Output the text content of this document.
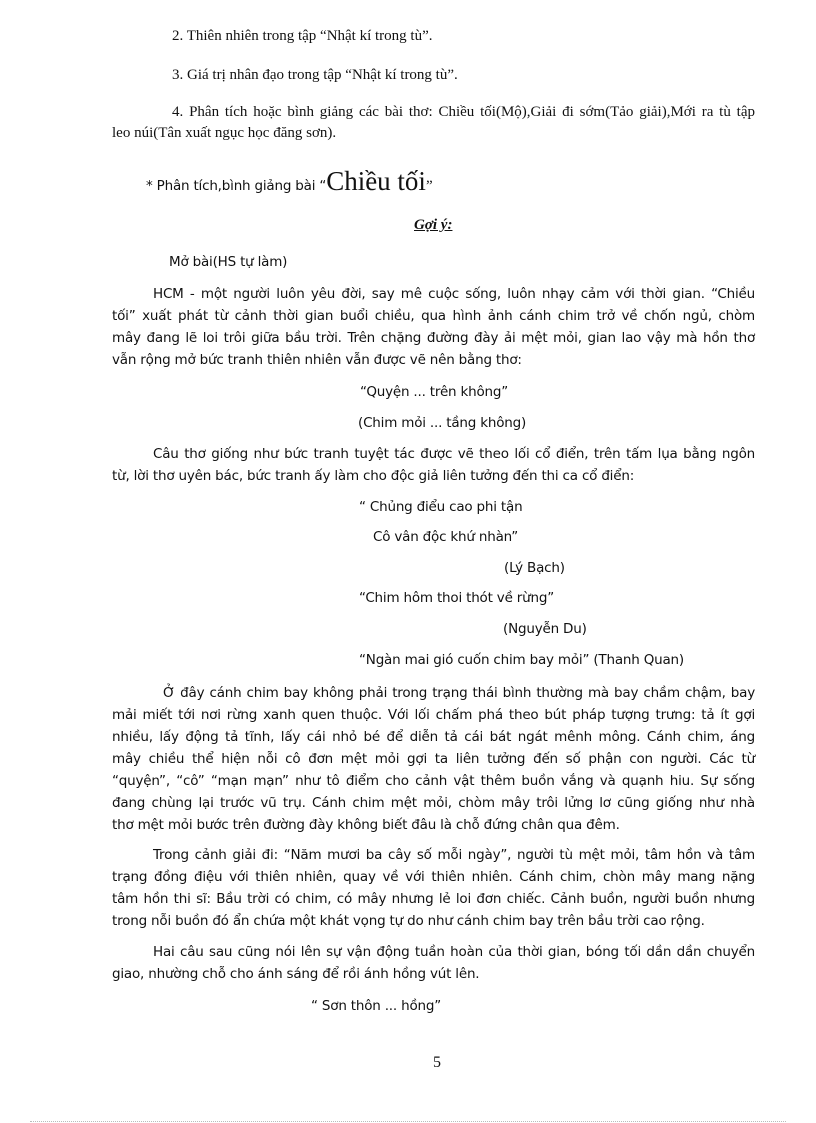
2. Thiên nhiên trong tập “Nhật kí trong tù”.
3. Giá trị nhân đạo trong tập “Nhật kí trong tù”.
4. Phân tích hoặc bình giảng các bài thơ: Chiều tối(Mộ),Giải đi sớm(Tảo giải),Mới ra tù tập
leo núi(Tân xuất ngục học đăng sơn).
* Phân tích,bình giảng bài “Chiều tối”
Gợi ý:
Mở bài(HS tự làm)
HCM - một người luôn yêu đời, say mê cuộc sống, luôn nhạy cảm với thời gian. “Chiều
tối” xuất phát từ cảnh thời gian buổi chiều, qua hình ảnh cánh chim trở về chốn ngủ, chòm
mây đang lẽ loi trôi giữa bầu trời. Trên chặng đường đày ải mệt mỏi, gian lao vậy mà hồn thơ
vẫn rộng mở bức tranh thiên nhiên vẫn được vẽ nên bằng thơ:
“Quyện ... trên không”
(Chim mỏi ... tầng không)
Câu thơ giống như bức tranh tuyệt tác được vẽ theo lối cổ điển, trên tấm lụa bằng ngôn
từ, lời thơ uyên bác, bức tranh ấy làm cho độc giả liên tưởng đến thi ca cổ điển:
“ Chủng điểu cao phi tận
Cô vân độc khứ nhàn”
(Lý Bạch)
“Chim hôm thoi thót về rừng”
(Nguyễn Du)
“Ngàn mai gió cuốn chim bay mỏi” (Thanh Quan)
Ở đây cánh chim bay không phải trong trạng thái bình thường mà bay chầm chậm, bay
mải miết tới nơi rừng xanh quen thuộc. Với lối chấm phá theo bút pháp tượng trưng: tả ít gợi
nhiều, lấy động tả tĩnh, lấy cái nhỏ bé để diễn tả cái bát ngát mênh mông. Cánh chim, áng
mây chiều thể hiện nỗi cô đơn mệt mỏi gợi ta liên tưởng đến số phận con người. Các từ
“quyện”, “cô” “mạn mạn” như tô điểm cho cảnh vật thêm buồn vắng và quạnh hiu. Sự sống
đang chùng lại trước vũ trụ. Cánh chim mệt mỏi, chòm mây trôi lửng lơ cũng giống như nhà
thơ mệt mỏi bước trên đường đày không biết đâu là chỗ đứng chân qua đêm.
Trong cảnh giải đi: “Năm mươi ba cây số mỗi ngày”, người tù mệt mỏi, tâm hồn và tâm
trạng đồng điệu với thiên nhiên, quay về với thiên nhiên. Cánh chim, chòn mây mang nặng
tâm hồn thi sĩ: Bầu trời có chim, có mây nhưng lẻ loi đơn chiếc. Cảnh buồn, người buồn nhưng
trong nỗi buồn đó ẩn chứa một khát vọng tự do như cánh chim bay trên bầu trời cao rộng.
Hai câu sau cũng nói lên sự vận động tuần hoàn của thời gian, bóng tối dần dần chuyển
giao, nhường chỗ cho ánh sáng để rồi ánh hồng vút lên.
“ Sơn thôn ... hồng”
5
